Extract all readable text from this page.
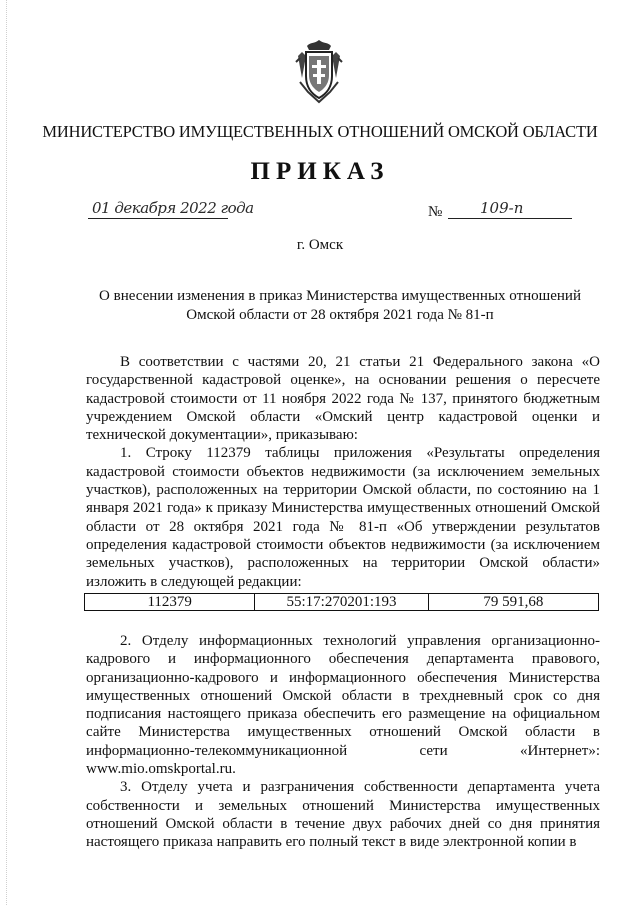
МИНИСТЕРСТВО ИМУЩЕСТВЕННЫХ ОТНОШЕНИЙ ОМСКОЙ ОБЛАСТИ
ПРИКАЗ
01 декабря 2022 года	№	109-п
г. Омск
О внесении изменения в приказ Министерства имущественных отношений Омской области от 28 октября 2021 года № 81-п

В соответствии с частями 20, 21 статьи 21 Федерального закона «О государственной кадастровой оценке», на основании решения о пересчете кадастровой стоимости от 11 ноября 2022 года № 137, принятого бюджетным учреждением Омской области «Омский центр кадастровой оценки и технической документации», приказываю:

1. Строку 112379 таблицы приложения «Результаты определения кадастровой стоимости объектов недвижимости (за исключением земельных участков), расположенных на территории Омской области, по состоянию на 1 января 2021 года» к приказу Министерства имущественных отношений Омской области от 28 октября 2021 года № 81-п «Об утверждении результатов определения кадастровой стоимости объектов недвижимости (за исключением земельных участков), расположенных на территории Омской области» изложить в следующей редакции:

112379	55:17:270201:193	79 591,68

2. Отделу информационных технологий управления организационно-кадрового и информационного обеспечения департамента правового, организационно-кадрового и информационного обеспечения Министерства имущественных отношений Омской области в трехдневный срок со дня подписания настоящего приказа обеспечить его размещение на официальном сайте Министерства имущественных отношений Омской области в информационно-телекоммуникационной сети «Интернет»: www.mio.omskportal.ru.

3. Отделу учета и разграничения собственности департамента учета собственности и земельных отношений Министерства имущественных отношений Омской области в течение двух рабочих дней со дня принятия настоящего приказа направить его полный текст в виде электронной копии в
